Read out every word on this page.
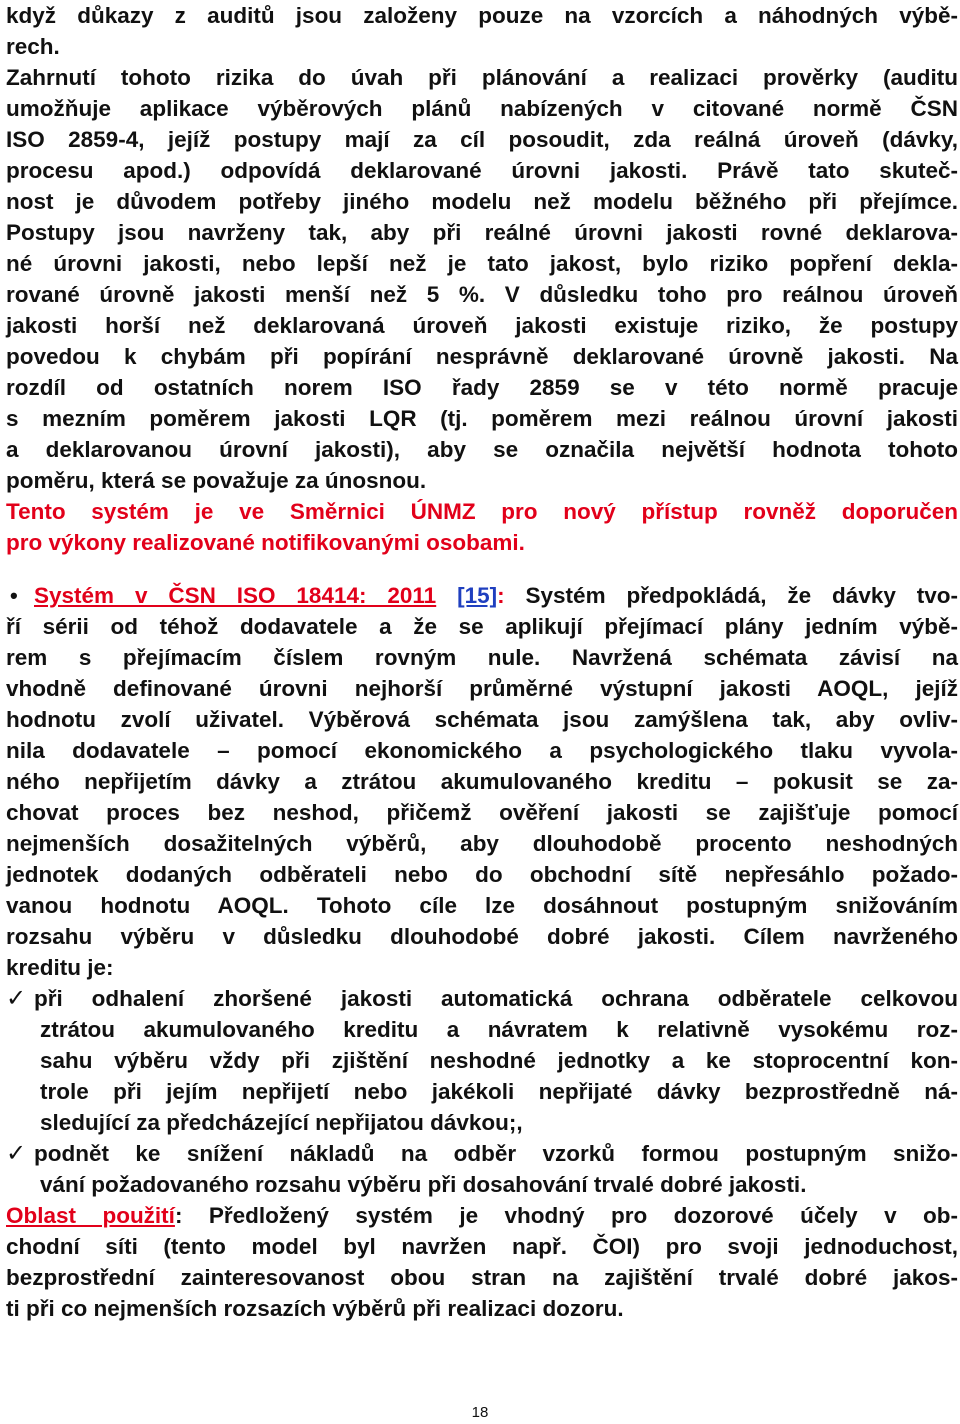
když důkazy z auditů jsou založeny pouze na vzorcích a náhodných výbě-
rech.
Zahrnutí tohoto rizika do úvah při plánování a realizaci prověrky (auditu
umožňuje aplikace výběrových plánů nabízených v citované normě ČSN
ISO 2859-4, jejíž postupy mají za cíl posoudit, zda reálná úroveň (dávky,
procesu apod.) odpovídá deklarované úrovni jakosti. Právě tato skuteč-
nost je důvodem potřeby jiného modelu než modelu běžného při přejímce.
Postupy jsou navrženy tak, aby při reálné úrovni jakosti rovné deklarova-
né úrovni jakosti, nebo lepší než je tato jakost, bylo riziko popření dekla-
rované úrovně jakosti menší než 5 %. V důsledku toho pro reálnou úroveň
jakosti horší než deklarovaná úroveň jakosti existuje riziko, že postupy
povedou k chybám při popírání nesprávně deklarované úrovně jakosti. Na
rozdíl od ostatních norem ISO řady 2859 se v této normě pracuje
s mezním poměrem jakosti LQR (tj. poměrem mezi reálnou úrovní jakosti
a deklarovanou úrovní jakosti), aby se označila největší hodnota tohoto
poměru, která se považuje za únosnou.
Tento systém je ve Směrnici ÚNMZ pro nový přístup rovněž doporučen
pro výkony realizované notifikovanými osobami.
• Systém v ČSN ISO 18414: 2011 [15]: Systém předpokládá, že dávky tvo-
ří sérii od téhož dodavatele a že se aplikují přejímací plány jedním výbě-
rem s přejímacím číslem rovným nule. Navržená schémata závisí na
vhodně definované úrovni nejhorší průměrné výstupní jakosti AOQL, jejíž
hodnotu zvolí uživatel. Výběrová schémata jsou zamýšlena tak, aby ovliv-
nila dodavatele – pomocí ekonomického a psychologického tlaku vyvola-
ného nepřijetím dávky a ztrátou akumulovaného kreditu – pokusit se za-
chovat proces bez neshod, přičemž ověření jakosti se zajišťuje pomocí
nejmenších dosažitelných výběrů, aby dlouhodobě procento neshodných
jednotek dodaných odběrateli nebo do obchodní sítě nepřesáhlo požado-
vanou hodnotu AOQL. Tohoto cíle lze dosáhnout postupným snižováním
rozsahu výběru v důsledku dlouhodobé dobré jakosti. Cílem navrženého
kreditu je:
✓ při odhalení zhoršené jakosti automatická ochrana odběratele celkovou
ztrátou akumulovaného kreditu a návratem k relativně vysokému roz-
sahu výběru vždy při zjištění neshodné jednotky a ke stoprocentní kon-
trole při jejím nepřijetí nebo jakékoli nepřijaté dávky bezprostředně ná-
sledující za předcházející nepřijatou dávkou;,
✓ podnět ke snížení nákladů na odběr vzorků formou postupným snižo-
vání požadovaného rozsahu výběru při dosahování trvalé dobré jakosti.
Oblast použití: Předložený systém je vhodný pro dozorové účely v ob-
chodní síti (tento model byl navržen např. ČOI) pro svoji jednoduchost,
bezprostřední zainteresovanost obou stran na zajištění trvalé dobré jakos-
ti při co nejmenších rozsazích výběrů při realizaci dozoru.
18
